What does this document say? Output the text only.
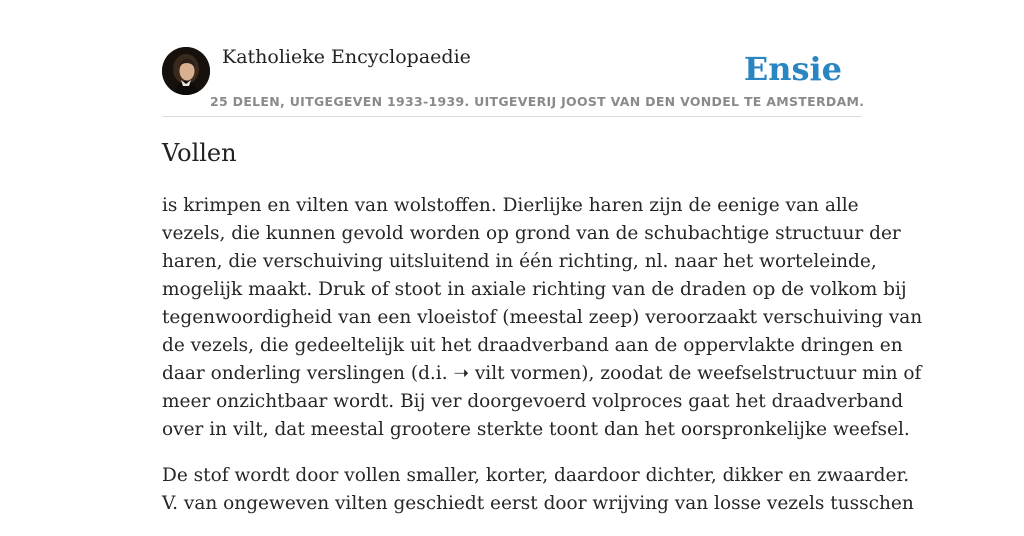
Katholieke Encyclopaedie	Ensie
25 DELEN, UITGEGEVEN 1933-1939. UITGEVERIJ JOOST VAN DEN VONDEL TE AMSTERDAM.
Vollen

is krimpen en vilten van wolstoffen. Dierlijke haren zijn de eenige van alle
vezels, die kunnen gevold worden op grond van de schubachtige structuur der
haren, die verschuiving uitsluitend in één richting, nl. naar het worteleinde,
mogelijk maakt. Druk of stoot in axiale richting van de draden op de volkom bij
tegenwoordigheid van een vloeistof (meestal zeep) veroorzaakt verschuiving van
de vezels, die gedeeltelijk uit het draadverband aan de oppervlakte dringen en
daar onderling verslingen (d.i. ➝ vilt vormen), zoodat de weefselstructuur min of
meer onzichtbaar wordt. Bij ver doorgevoerd volproces gaat het draadverband
over in vilt, dat meestal grootere sterkte toont dan het oorspronkelijke weefsel.

De stof wordt door vollen smaller, korter, daardoor dichter, dikker en zwaarder.
V. van ongeweven vilten geschiedt eerst door wrijving van losse vezels tusschen
